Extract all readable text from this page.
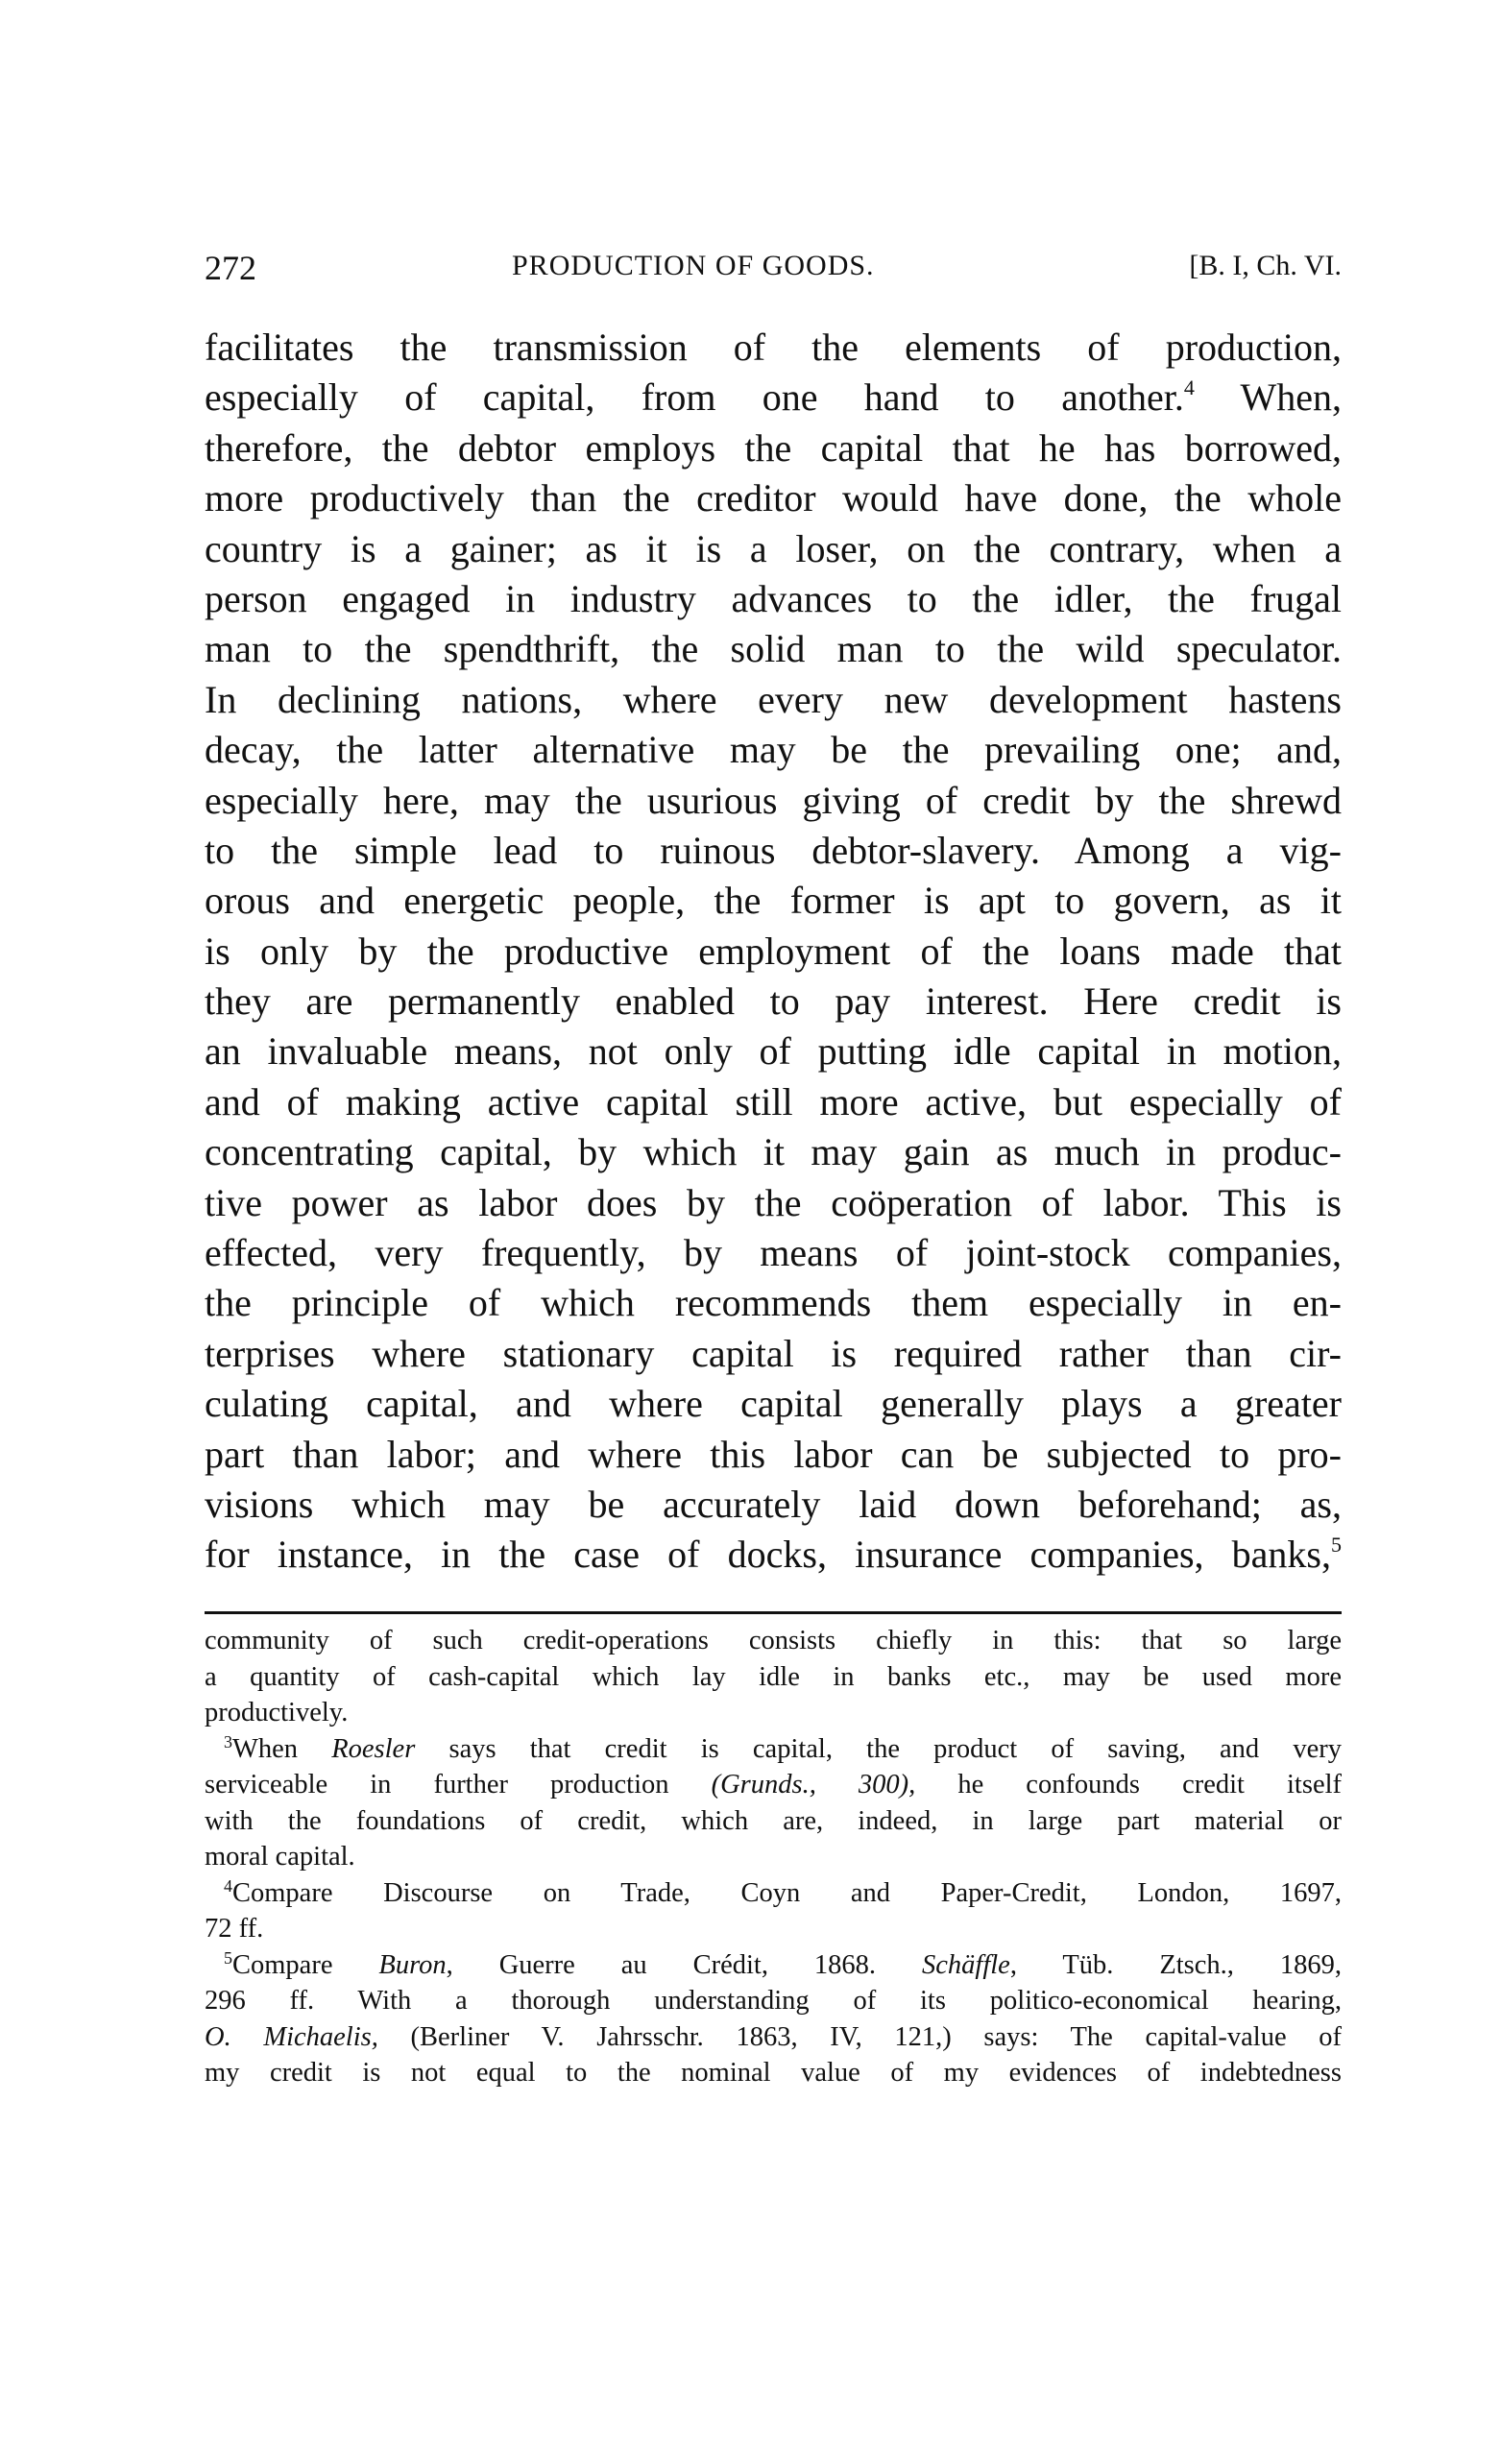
272	PRODUCTION OF GOODS.	[B. I, Ch. VI.
facilitates the transmission of the elements of production,
especially of capital, from one hand to another.$^4$ When,
therefore, the debtor employs the capital that he has borrowed,
more productively than the creditor would have done, the whole
country is a gainer; as it is a loser, on the contrary, when a
person engaged in industry advances to the idler, the frugal
man to the spendthrift, the solid man to the wild speculator.
In declining nations, where every new development hastens
decay, the latter alternative may be the prevailing one; and,
especially here, may the usurious giving of credit by the shrewd
to the simple lead to ruinous debtor-slavery. Among a vig-
orous and energetic people, the former is apt to govern, as it
is only by the productive employment of the loans made that
they are permanently enabled to pay interest. Here credit is
an invaluable means, not only of putting idle capital in motion,
and of making active capital still more active, but especially of
concentrating capital, by which it may gain as much in produc-
tive power as labor does by the coöperation of labor. This is
effected, very frequently, by means of joint-stock companies,
the principle of which recommends them especially in en-
terprises where stationary capital is required rather than cir-
culating capital, and where capital generally plays a greater
part than labor; and where this labor can be subjected to pro-
visions which may be accurately laid down beforehand; as,
for instance, in the case of docks, insurance companies, banks,$^5$
community of such credit-operations consists chiefly in this: that so large
a quantity of cash-capital which lay idle in banks etc., may be used more
productively.
$^3$When Roesler says that credit is capital, the product of saving, and very
serviceable in further production (Grunds., 300), he confounds credit itself
with the foundations of credit, which are, indeed, in large part material or
moral capital.
$^4$Compare Discourse on Trade, Coyn and Paper-Credit, London, 1697,
72 ff.
$^5$Compare Buron, Guerre au Crédit, 1868. Schäffle, Tüb. Ztsch., 1869,
296 ff. With a thorough understanding of its politico-economical hearing,
O. Michaelis, (Berliner V. Jahrsschr. 1863, IV, 121,) says: The capital-value of
my credit is not equal to the nominal value of my evidences of indebtedness
